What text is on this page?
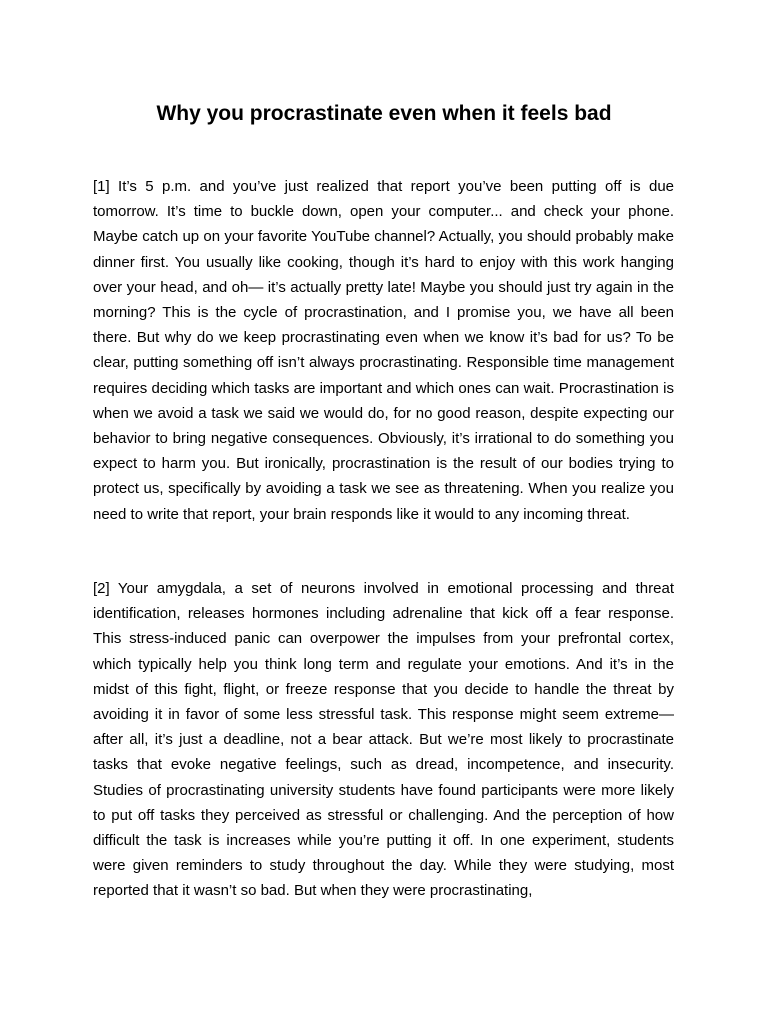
Why you procrastinate even when it feels bad

[1] It’s 5 p.m. and you’ve just realized that report you’ve been putting off is due tomorrow. It’s time to buckle down, open your computer... and check your phone. Maybe catch up on your favorite YouTube channel? Actually, you should probably make dinner first. You usually like cooking, though it’s hard to enjoy with this work hanging over your head, and oh— it’s actually pretty late! Maybe you should just try again in the morning? This is the cycle of procrastination, and I promise you, we have all been there. But why do we keep procrastinating even when we know it’s bad for us? To be clear, putting something off isn’t always procrastinating. Responsible time management requires deciding which tasks are important and which ones can wait. Procrastination is when we avoid a task we said we would do, for no good reason, despite expecting our behavior to bring negative consequences. Obviously, it’s irrational to do something you expect to harm you. But ironically, procrastination is the result of our bodies trying to protect us, specifically by avoiding a task we see as threatening. When you realize you need to write that report, your brain responds like it would to any incoming threat.

[2] Your amygdala, a set of neurons involved in emotional processing and threat identification, releases hormones including adrenaline that kick off a fear response. This stress-induced panic can overpower the impulses from your prefrontal cortex, which typically help you think long term and regulate your emotions. And it’s in the midst of this fight, flight, or freeze response that you decide to handle the threat by avoiding it in favor of some less stressful task. This response might seem extreme— after all, it’s just a deadline, not a bear attack. But we’re most likely to procrastinate tasks that evoke negative feelings, such as dread, incompetence, and insecurity. Studies of procrastinating university students have found participants were more likely to put off tasks they perceived as stressful or challenging. And the perception of how difficult the task is increases while you’re putting it off. In one experiment, students were given reminders to study throughout the day. While they were studying, most reported that it wasn’t so bad. But when they were procrastinating,
